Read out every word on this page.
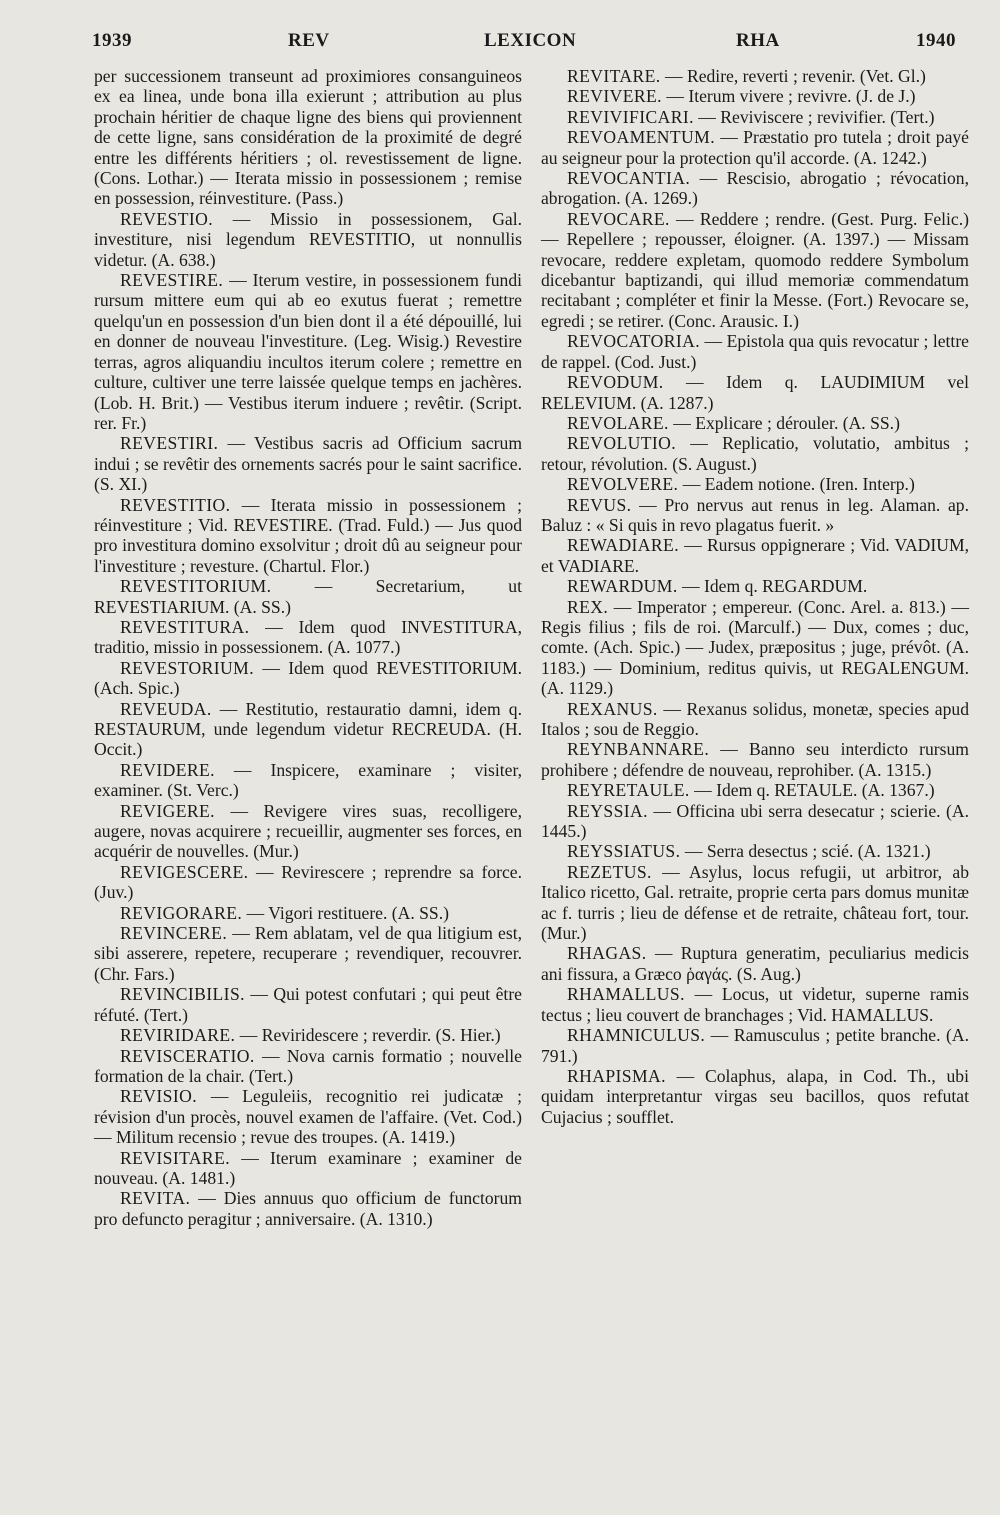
1939	REV	LEXICON	RHA	1940

per successionem transeunt ad proximiores consanguineos ex ea linea, unde bona illa exierunt ; attribution au plus prochain héritier de chaque ligne des biens qui proviennent de cette ligne, sans considération de la proximité de degré entre les différents héritiers ; ol. revestissement de ligne. (Cons. Lothar.) — Iterata missio in possessionem ; remise en possession, réinvestiture. (Pass.)

REVESTIO. — Missio in possessionem, Gal. investiture, nisi legendum REVESTITIO, ut nonnullis videtur. (A. 638.)

REVESTIRE. — Iterum vestire, in possessionem fundi rursum mittere eum qui ab eo exutus fuerat ; remettre quelqu'un en possession d'un bien dont il a été dépouillé, lui en donner de nouveau l'investiture. (Leg. Wisig.) Revestire terras, agros aliquandiu incultos iterum colere ; remettre en culture, cultiver une terre laissée quelque temps en jachères. (Lob. H. Brit.) — Vestibus iterum induere ; revêtir. (Script. rer. Fr.)

REVESTIRI. — Vestibus sacris ad Officium sacrum indui ; se revêtir des ornements sacrés pour le saint sacrifice. (S. XI.)

REVESTITIO. — Iterata missio in possessionem ; réinvestiture ; Vid. REVESTIRE. (Trad. Fuld.) — Jus quod pro investitura domino exsolvitur ; droit dû au seigneur pour l'investiture ; revesture. (Chartul. Flor.)

REVESTITORIUM. — Secretarium, ut REVESTIARIUM. (A. SS.)

REVESTITURA. — Idem quod INVESTITURA, traditio, missio in possessionem. (A. 1077.)

REVESTORIUM. — Idem quod REVESTITORIUM. (Ach. Spic.)

REVEUDA. — Restitutio, restauratio damni, idem q. RESTAURUM, unde legendum videtur RECREUDA. (H. Occit.)

REVIDERE. — Inspicere, examinare ; visiter, examiner. (St. Verc.)

REVIGERE. — Revigere vires suas, recolligere, augere, novas acquirere ; recueillir, augmenter ses forces, en acquérir de nouvelles. (Mur.)

REVIGESCERE. — Revirescere ; reprendre sa force. (Juv.)

REVIGORARE. — Vigori restituere. (A. SS.)

REVINCERE. — Rem ablatam, vel de qua litigium est, sibi asserere, repetere, recuperare ; revendiquer, recouvrer. (Chr. Fars.)

REVINCIBILIS. — Qui potest confutari ; qui peut être réfuté. (Tert.)

REVIRIDARE. — Reviridescere ; reverdir. (S. Hier.)

REVISCERATIO. — Nova carnis formatio ; nouvelle formation de la chair. (Tert.)

REVISIO. — Leguleiis, recognitio rei judicatæ ; révision d'un procès, nouvel examen de l'affaire. (Vet. Cod.) — Militum recensio ; revue des troupes. (A. 1419.)

REVISITARE. — Iterum examinare ; examiner de nouveau. (A. 1481.)

REVITA. — Dies annuus quo officium de functorum pro defuncto peragitur ; anniversaire. (A. 1310.)

REVITARE. — Redire, reverti ; revenir. (Vet. Gl.)

REVIVERE. — Iterum vivere ; revivre. (J. de J.)

REVIVIFICARI. — Reviviscere ; revivifier. (Tert.)

REVOAMENTUM. — Præstatio pro tutela ; droit payé au seigneur pour la protection qu'il accorde. (A. 1242.)

REVOCANTIA. — Rescisio, abrogatio ; révocation, abrogation. (A. 1269.)

REVOCARE. — Reddere ; rendre. (Gest. Purg. Felic.) — Repellere ; repousser, éloigner. (A. 1397.) — Missam revocare, reddere expletam, quomodo reddere Symbolum dicebantur baptizandi, qui illud memoriæ commendatum recitabant ; compléter et finir la Messe. (Fort.) Revocare se, egredi ; se retirer. (Conc. Arausic. I.)

REVOCATORIA. — Epistola qua quis revocatur ; lettre de rappel. (Cod. Just.)

REVODUM. — Idem q. LAUDIMIUM vel RELEVIUM. (A. 1287.)

REVOLARE. — Explicare ; dérouler. (A. SS.)

REVOLUTIO. — Replicatio, volutatio, ambitus ; retour, révolution. (S. August.)

REVOLVERE. — Eadem notione. (Iren. Interp.)

REVUS. — Pro nervus aut renus in leg. Alaman. ap. Baluz : « Si quis in revo plagatus fuerit. »

REWADIARE. — Rursus oppignerare ; Vid. VADIUM, et VADIARE.

REWARDUM. — Idem q. REGARDUM.

REX. — Imperator ; empereur. (Conc. Arel. a. 813.) — Regis filius ; fils de roi. (Marculf.) — Dux, comes ; duc, comte. (Ach. Spic.) — Judex, præpositus ; juge, prévôt. (A. 1183.) — Dominium, reditus quivis, ut REGALENGUM. (A. 1129.)

REXANUS. — Rexanus solidus, monetæ, species apud Italos ; sou de Reggio.

REYNBANNARE. — Banno seu interdicto rursum prohibere ; défendre de nouveau, reprohiber. (A. 1315.)

REYRETAULE. — Idem q. RETAULE. (A. 1367.)

REYSSIA. — Officina ubi serra desecatur ; scierie. (A. 1445.)

REYSSIATUS. — Serra desectus ; scié. (A. 1321.)

REZETUS. — Asylus, locus refugii, ut arbitror, ab Italico ricetto, Gal. retraite, proprie certa pars domus munitæ ac f. turris ; lieu de défense et de retraite, château fort, tour. (Mur.)

RHAGAS. — Ruptura generatim, peculiarius medicis ani fissura, a Græco ῥαγάς. (S. Aug.)

RHAMALLUS. — Locus, ut videtur, superne ramis tectus ; lieu couvert de branchages ; Vid. HAMALLUS.

RHAMNICULUS. — Ramusculus ; petite branche. (A. 791.)

RHAPISMA. — Colaphus, alapa, in Cod. Th., ubi quidam interpretantur virgas seu bacillos, quos refutat Cujacius ; soufflet.
